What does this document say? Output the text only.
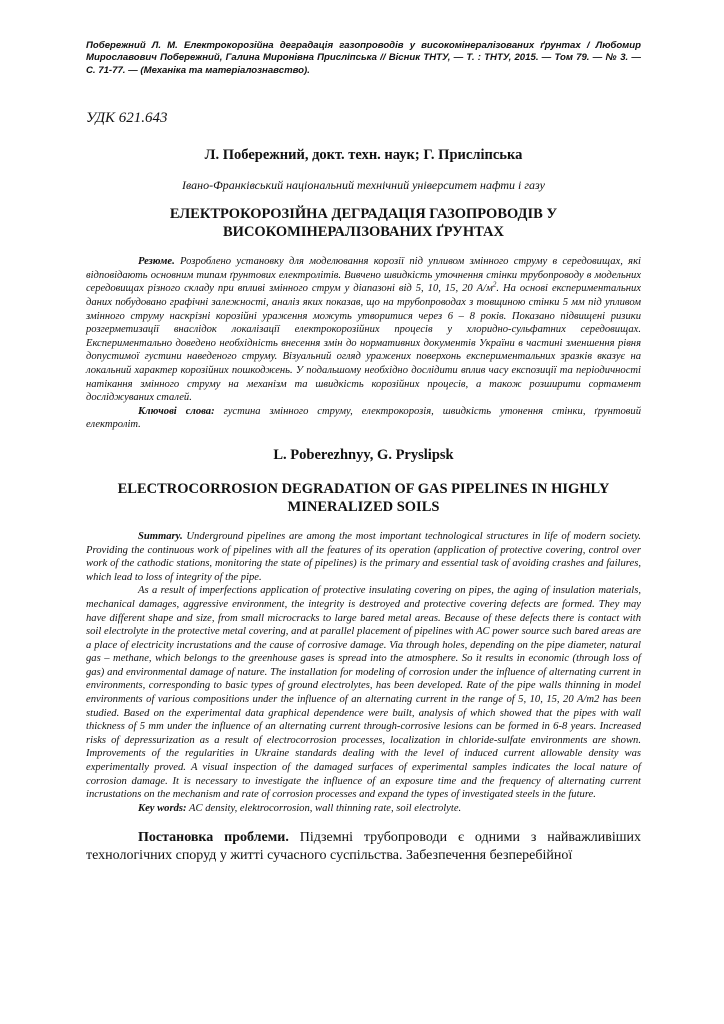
Побережний Л. М. Електрокорозійна деградація газопроводів у високомінералізованих ґрунтах / Любомир Мирославович Побережний, Галина Миронівна Прислiпська // Вісник ТНТУ, — Т. : ТНТУ, 2015. — Том 79. — № 3. — С. 71-77. — (Механіка та матеріалознавство).

УДК 621.643

Л. Побережний, докт. техн. наук; Г. Прислiпська

Івано-Франківський національний технічний університет нафти і газу

ЕЛЕКТРОКОРОЗІЙНА ДЕГРАДАЦІЯ ГАЗОПРОВОДІВ У ВИСОКОМІНЕРАЛІЗОВАНИХ ҐРУНТАХ

Резюме. Розроблено установку для моделювання корозії під упливом змінного струму в середовищах, які відповідають основним типам ґрунтових електролітів. Вивчено швидкість уточнення стінки трубопроводу в модельних середовищах різного складу при впливі змінного струм у діапазоні від 5, 10, 15, 20 $А/м^2$. На основі експериментальних даних побудовано графічні залежності, аналіз яких показав, що на трубопроводах з товщиною стінки 5 мм під упливом змінного струму наскрізні корозійні ураження можуть утворитися через 6 – 8 років. Показано підвищені ризики розгерметизації внаслідок локалізації електрокорозійних процесів у хлоридно-сульфатних середовищах. Експериментально доведено необхідність внесення змін до нормативних документів України в частині зменшення рівня допустимої густини наведеного струму. Візуальний огляд уражених поверхонь експериментальних зразків вказує на локальний характер корозійних пошкоджень. У подальшому необхідно дослідити вплив часу експозиції та періодичності натікання змінного струму на механізм та швидкість корозійних процесів, а також розширити сортамент досліджуваних сталей.

Ключові слова: густина змінного струму, електрокорозія, швидкість утонення стінки, ґрунтовий електроліт.

L. Poberezhnyy, G. Pryslipsk

ELECTROCORROSION DEGRADATION OF GAS PIPELINES IN HIGHLY MINERALIZED SOILS

Summary. Underground pipelines are among the most important technological structures in life of modern society. Providing the continuous work of pipelines with all the features of its operation (application of protective covering, control over work of the cathodic stations, monitoring the state of pipelines) is the primary and essential task of avoiding crashes and failures, which lead to loss of integrity of the pipe.

As a result of imperfections application of protective insulating covering on pipes, the aging of insulation materials, mechanical damages, aggressive environment, the integrity is destroyed and protective covering defects are formed. They may have different shape and size, from small microcracks to large bared metal areas. Because of these defects there is contact with soil electrolyte in the protective metal covering, and at parallel placement of pipelines with AC power source such bared areas are a place of electricity incrustations and the cause of corrosive damage. Via through holes, depending on the pipe diameter, natural gas – methane, which belongs to the greenhouse gases is spread into the atmosphere. So it results in economic (through loss of gas) and environmental damage of nature. The installation for modeling of corrosion under the influence of alternating current in environments, corresponding to basic types of ground electrolytes, has been developed. Rate of the pipe walls thinning in model environments of various compositions under the influence of an alternating current in the range of 5, 10, 15, 20 A/m2 has been studied. Based on the experimental data graphical dependence were built, analysis of which showed that the pipes with wall thickness of 5 mm under the influence of an alternating current through-corrosive lesions can be formed in 6-8 years. Increased risks of depressurization as a result of electrocorrosion processes, localization in chloride-sulfate environments are shown. Improvements of the regularities in Ukraine standards dealing with the level of induced current allowable density was experimentally proved. A visual inspection of the damaged surfaces of experimental samples indicates the local nature of corrosion damage. It is necessary to investigate the influence of an exposure time and the frequency of alternating current incrustations on the mechanism and rate of corrosion processes and expand the types of investigated steels in the future.

Key words: AC density, elektrocorrosion, wall thinning rate, soil electrolyte.

Постановка проблеми. Підземні трубопроводи є одними з найважливіших технологічних споруд у житті сучасного суспільства. Забезпечення безперебійної
